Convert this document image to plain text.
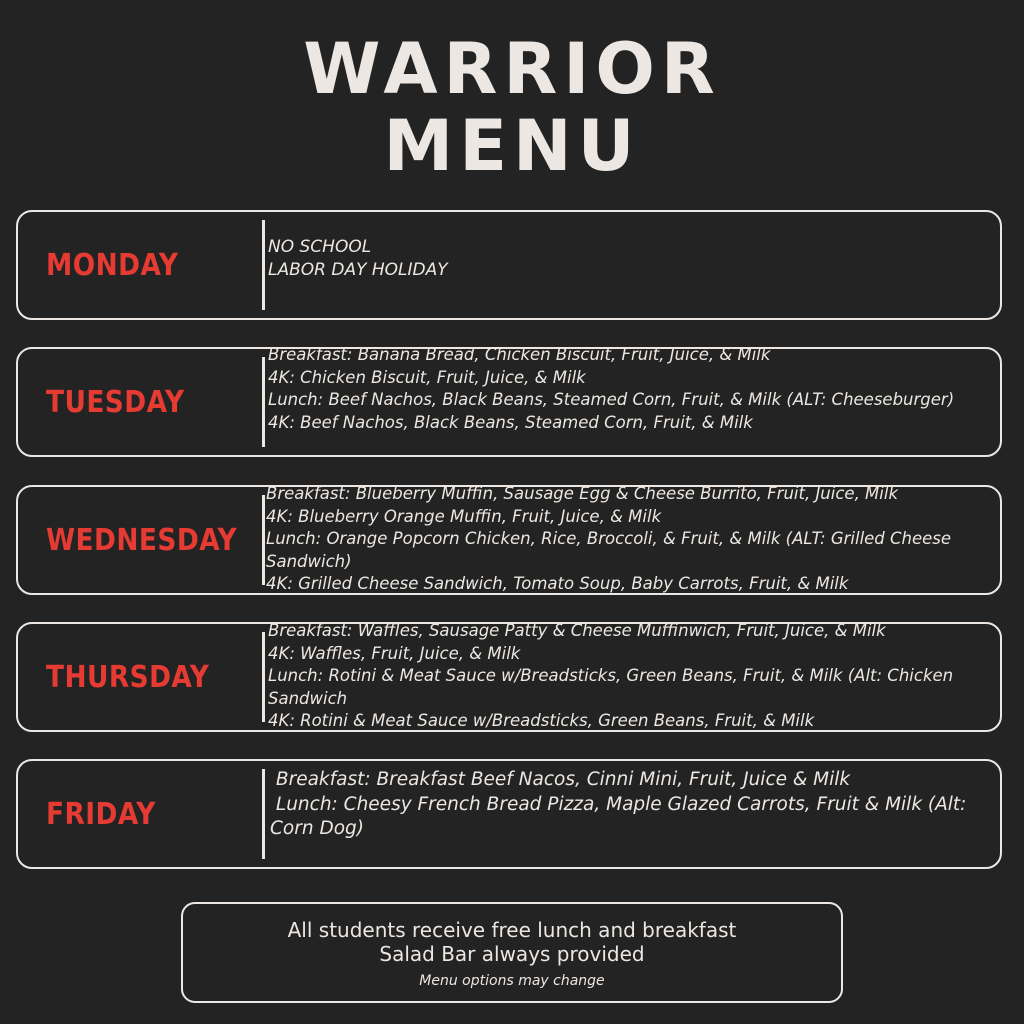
WARRIOR
MENU
MONDAY
NO SCHOOL
LABOR DAY HOLIDAY
TUESDAY
Breakfast: Banana Bread, Chicken Biscuit, Fruit, Juice, & Milk
4K: Chicken Biscuit, Fruit, Juice, & Milk
Lunch: Beef Nachos, Black Beans, Steamed Corn, Fruit, & Milk (ALT: Cheeseburger)
4K: Beef Nachos, Black Beans, Steamed Corn, Fruit, & Milk
WEDNESDAY
Breakfast: Blueberry Muffin, Sausage Egg & Cheese Burrito, Fruit, Juice, Milk
4K: Blueberry Orange Muffin, Fruit, Juice, & Milk
Lunch: Orange Popcorn Chicken, Rice, Broccoli, & Fruit, & Milk (ALT: Grilled Cheese Sandwich)
4K: Grilled Cheese Sandwich, Tomato Soup, Baby Carrots, Fruit, & Milk
THURSDAY
Breakfast: Waffles, Sausage Patty & Cheese Muffinwich, Fruit, Juice, & Milk
4K: Waffles, Fruit, Juice, & Milk
Lunch: Rotini & Meat Sauce w/Breadsticks, Green Beans, Fruit, & Milk (Alt: Chicken Sandwich
4K: Rotini & Meat Sauce w/Breadsticks, Green Beans, Fruit, & Milk
FRIDAY
Breakfast: Breakfast Beef Nacos, Cinni Mini, Fruit, Juice & Milk
Lunch: Cheesy French Bread Pizza, Maple Glazed Carrots, Fruit & Milk (Alt: Corn Dog)
All students receive free lunch and breakfast
Salad Bar always provided
Menu options may change
